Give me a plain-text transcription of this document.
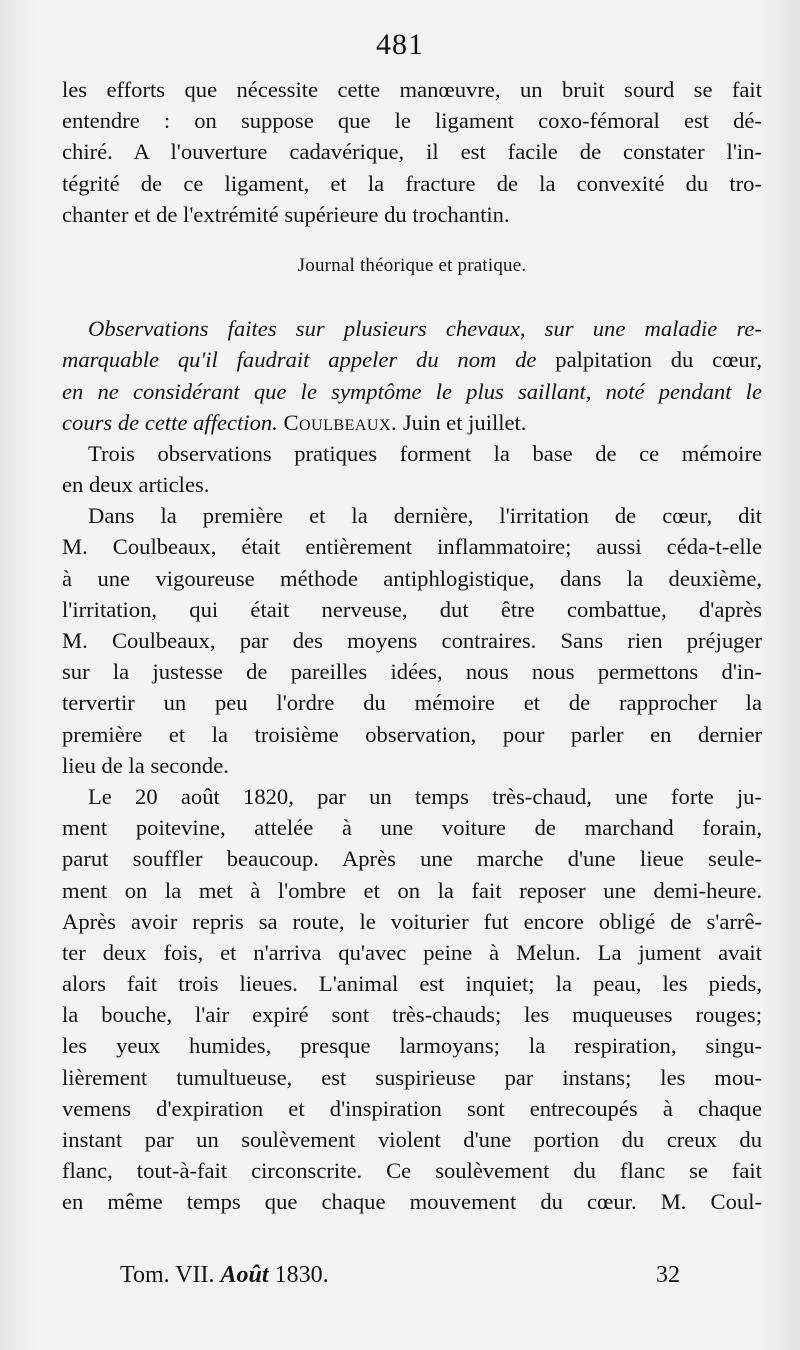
481
les efforts que nécessite cette manœuvre, un bruit sourd se fait
entendre : on suppose que le ligament coxo-fémoral est dé-
chiré. A l'ouverture cadavérique, il est facile de constater l'in-
tégrité de ce ligament, et la fracture de la convexité du tro-
chanter et de l'extrémité supérieure du trochantin.
Journal théorique et pratique.
Observations faites sur plusieurs chevaux, sur une maladie re-
marquable qu'il faudrait appeler du nom de palpitation du cœur,
en ne considérant que le symptôme le plus saillant, noté pendant le
cours de cette affection. Coulbeaux. Juin et juillet.
Trois observations pratiques forment la base de ce mémoire
en deux articles.
Dans la première et la dernière, l'irritation de cœur, dit
M. Coulbeaux, était entièrement inflammatoire; aussi céda-t-elle
à une vigoureuse méthode antiphlogistique, dans la deuxième,
l'irritation, qui était nerveuse, dut être combattue, d'après
M. Coulbeaux, par des moyens contraires. Sans rien préjuger
sur la justesse de pareilles idées, nous nous permettons d'in-
tervertir un peu l'ordre du mémoire et de rapprocher la
première et la troisième observation, pour parler en dernier
lieu de la seconde.
Le 20 août 1820, par un temps très-chaud, une forte ju-
ment poitevine, attelée à une voiture de marchand forain,
parut souffler beaucoup. Après une marche d'une lieue seule-
ment on la met à l'ombre et on la fait reposer une demi-heure.
Après avoir repris sa route, le voiturier fut encore obligé de s'arrê-
ter deux fois, et n'arriva qu'avec peine à Melun. La jument avait
alors fait trois lieues. L'animal est inquiet; la peau, les pieds,
la bouche, l'air expiré sont très-chauds; les muqueuses rouges;
les yeux humides, presque larmoyans; la respiration, singu-
lièrement tumultueuse, est suspirieuse par instans; les mou-
vemens d'expiration et d'inspiration sont entrecoupés à chaque
instant par un soulèvement violent d'une portion du creux du
flanc, tout-à-fait circonscrite. Ce soulèvement du flanc se fait
en même temps que chaque mouvement du cœur. M. Coul-
Tom. VII. Août 1830.	32
